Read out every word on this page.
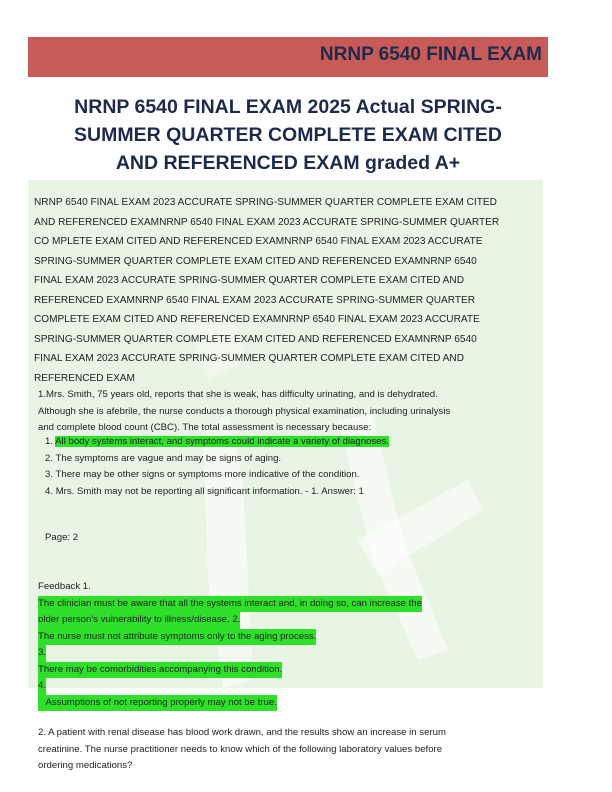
NRNP 6540 FINAL EXAM
NRNP 6540 FINAL EXAM 2025 Actual SPRING-
SUMMER QUARTER COMPLETE EXAM CITED
AND REFERENCED EXAM graded A+
NRNP 6540 FINAL EXAM 2023 ACCURATE SPRING-SUMMER QUARTER COMPLETE EXAM CITED
AND REFERENCED EXAMNRNP 6540 FINAL EXAM 2023 ACCURATE SPRING-SUMMER QUARTER
CO MPLETE EXAM CITED AND REFERENCED EXAMNRNP 6540 FINAL EXAM 2023 ACCURATE
SPRING-SUMMER QUARTER COMPLETE EXAM CITED AND REFERENCED EXAMNRNP 6540
FINAL EXAM 2023 ACCURATE SPRING-SUMMER QUARTER COMPLETE EXAM CITED AND
REFERENCED EXAMNRNP 6540 FINAL EXAM 2023 ACCURATE SPRING-SUMMER QUARTER
COMPLETE EXAM CITED AND REFERENCED EXAMNRNP 6540 FINAL EXAM 2023 ACCURATE
SPRING-SUMMER QUARTER COMPLETE EXAM CITED AND REFERENCED EXAMNRNP 6540
FINAL EXAM 2023 ACCURATE SPRING-SUMMER QUARTER COMPLETE EXAM CITED AND
REFERENCED EXAM
1.Mrs. Smith, 75 years old, reports that she is weak, has difficulty urinating, and is dehydrated.
Although she is afebrile, the nurse conducts a thorough physical examination, including urinalysis
and complete blood count (CBC). The total assessment is necessary because:
1. All body systems interact, and symptoms could indicate a variety of diagnoses.
2. The symptoms are vague and may be signs of aging.
3. There may be other signs or symptoms more indicative of the condition.
4. Mrs. Smith may not be reporting all significant information. - 1. Answer: 1
Page: 2
Feedback 1.
The clinician must be aware that all the systems interact and, in doing so, can increase the
older person's vulnerability to illness/disease. 2.
The nurse must not attribute symptoms only to the aging process.
3.
There may be comorbidities accompanying this condition.
4.
Assumptions of not reporting properly may not be true.
2. A patient with renal disease has blood work drawn, and the results show an increase in serum
creatinine. The nurse practitioner needs to know which of the following laboratory values before
ordering medications?
